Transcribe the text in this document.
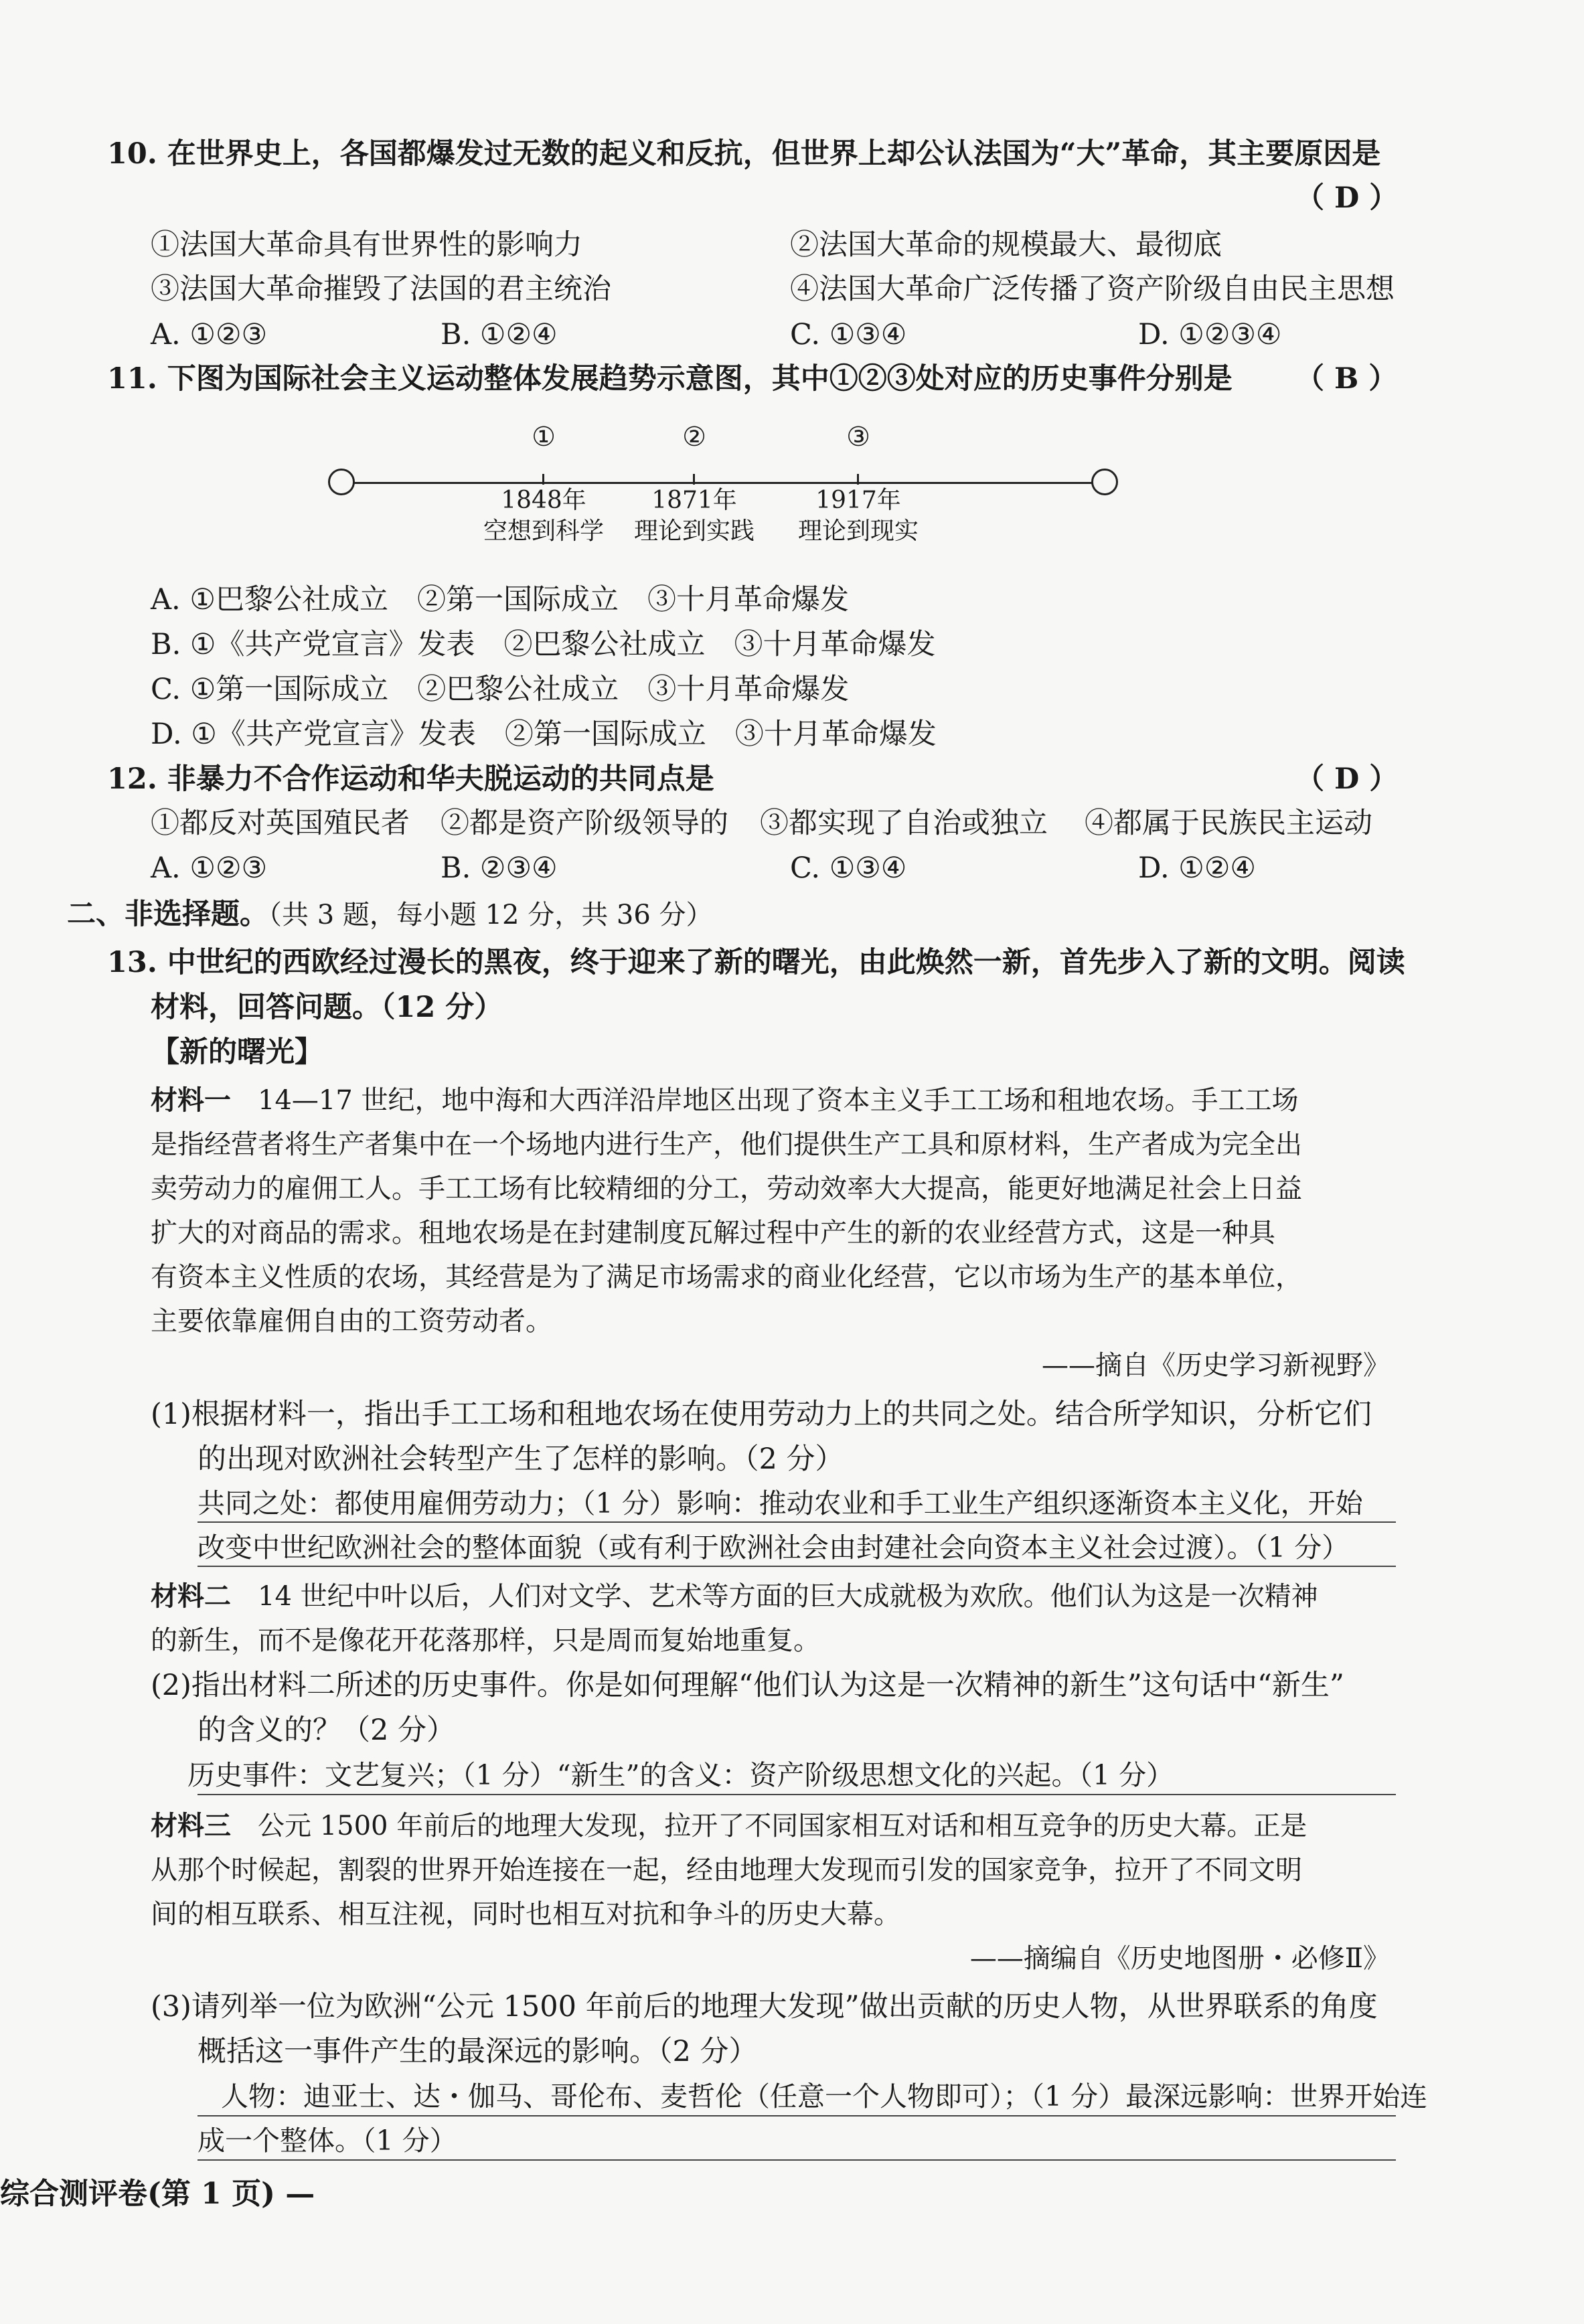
10. 在世界史上，各国都爆发过无数的起义和反抗，但世界上却公认法国为“大”革命，其主要原因是
（ D ）
①法国大革命具有世界性的影响力	②法国大革命的规模最大、最彻底
③法国大革命摧毁了法国的君主统治	④法国大革命广泛传播了资产阶级自由民主思想
A. ①②③	B. ①②④	C. ①③④	D. ①②③④
11. 下图为国际社会主义运动整体发展趋势示意图，其中①②③处对应的历史事件分别是 （ B ）
①
1848年
空想到科学
②
1871年
理论到实践
③
1917年
理论到现实
A. ①巴黎公社成立　②第一国际成立　③十月革命爆发
B. ①《共产党宣言》发表　②巴黎公社成立　③十月革命爆发
C. ①第一国际成立　②巴黎公社成立　③十月革命爆发
D. ①《共产党宣言》发表　②第一国际成立　③十月革命爆发
12. 非暴力不合作运动和华夫脱运动的共同点是	（ D ）
①都反对英国殖民者 ②都是资产阶级领导的 ③都实现了自治或独立 ④都属于民族民主运动
A. ①②③	B. ②③④	C. ①③④	D. ①②④
二、非选择题。（共 3 题，每小题 12 分，共 36 分）
13. 中世纪的西欧经过漫长的黑夜，终于迎来了新的曙光，由此焕然一新，首先步入了新的文明。阅读
材料，回答问题。（12 分）
【新的曙光】
材料一　 14—17 世纪，地中海和大西洋沿岸地区出现了资本主义手工工场和租地农场。手工工场
是指经营者将生产者集中在一个场地内进行生产，他们提供生产工具和原材料，生产者成为完全出
卖劳动力的雇佣工人。手工工场有比较精细的分工，劳动效率大大提高，能更好地满足社会上日益
扩大的对商品的需求。租地农场是在封建制度瓦解过程中产生的新的农业经营方式，这是一种具
有资本主义性质的农场，其经营是为了满足市场需求的商业化经营，它以市场为生产的基本单位，
主要依靠雇佣自由的工资劳动者。
——摘自《历史学习新视野》
(1)根据材料一，指出手工工场和租地农场在使用劳动力上的共同之处。结合所学知识，分析它们
的出现对欧洲社会转型产生了怎样的影响。（2 分）
共同之处：都使用雇佣劳动力；（1 分）影响：推动农业和手工业生产组织逐渐资本主义化，开始
改变中世纪欧洲社会的整体面貌（或有利于欧洲社会由封建社会向资本主义社会过渡）。（1 分）
材料二　 14 世纪中叶以后，人们对文学、艺术等方面的巨大成就极为欢欣。他们认为这是一次精神
的新生，而不是像花开花落那样，只是周而复始地重复。
(2)指出材料二所述的历史事件。你是如何理解“他们认为这是一次精神的新生”这句话中“新生”
的含义的？（2 分）
历史事件：文艺复兴；（1 分）“新生”的含义：资产阶级思想文化的兴起。（1 分）
材料三　 公元 1500 年前后的地理大发现，拉开了不同国家相互对话和相互竞争的历史大幕。正是
从那个时候起，割裂的世界开始连接在一起，经由地理大发现而引发的国家竞争，拉开了不同文明
间的相互联系、相互注视，同时也相互对抗和争斗的历史大幕。
——摘编自《历史地图册・必修Ⅱ》
(3)请列举一位为欧洲“公元 1500 年前后的地理大发现”做出贡献的历史人物，从世界联系的角度
概括这一事件产生的最深远的影响。（2 分）
人物：迪亚士、达・伽马、哥伦布、麦哲伦（任意一个人物即可）；（1 分）最深远影响：世界开始连
成一个整体。（1 分）
综合测评卷(第 1 页) —
